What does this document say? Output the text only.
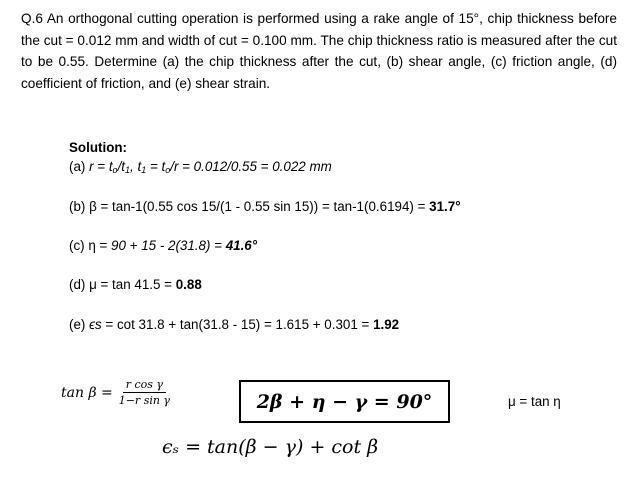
Q.6 An orthogonal cutting operation is performed using a rake angle of 15°, chip thickness before the cut = 0.012 mm and width of cut = 0.100 mm. The chip thickness ratio is measured after the cut to be 0.55. Determine (a) the chip thickness after the cut, (b) shear angle, (c) friction angle, (d) coefficient of friction, and (e) shear strain.

Solution:
(a) $r = t_o/t_1$, $t_1 = t_o/r = 0.012/0.55 = 0.022$ mm
(b) β = tan-1(0.55 cos 15/(1 - 0.55 sin 15)) = tan-1(0.6194) = 31.7°
(c) η = 90 + 15 - 2(31.8) = 41.6°
(d) μ = tan 41.5 = 0.88
(e) ϵs = cot 31.8 + tan(31.8 - 15) = 1.615 + 0.301 = 1.92
$\tan \beta = \frac{\text{r cos γ}}{\text{1−r sin γ}}$	2β + η − γ = 90°	μ = tan η
ϵₛ = tan(β − γ) + cot β
